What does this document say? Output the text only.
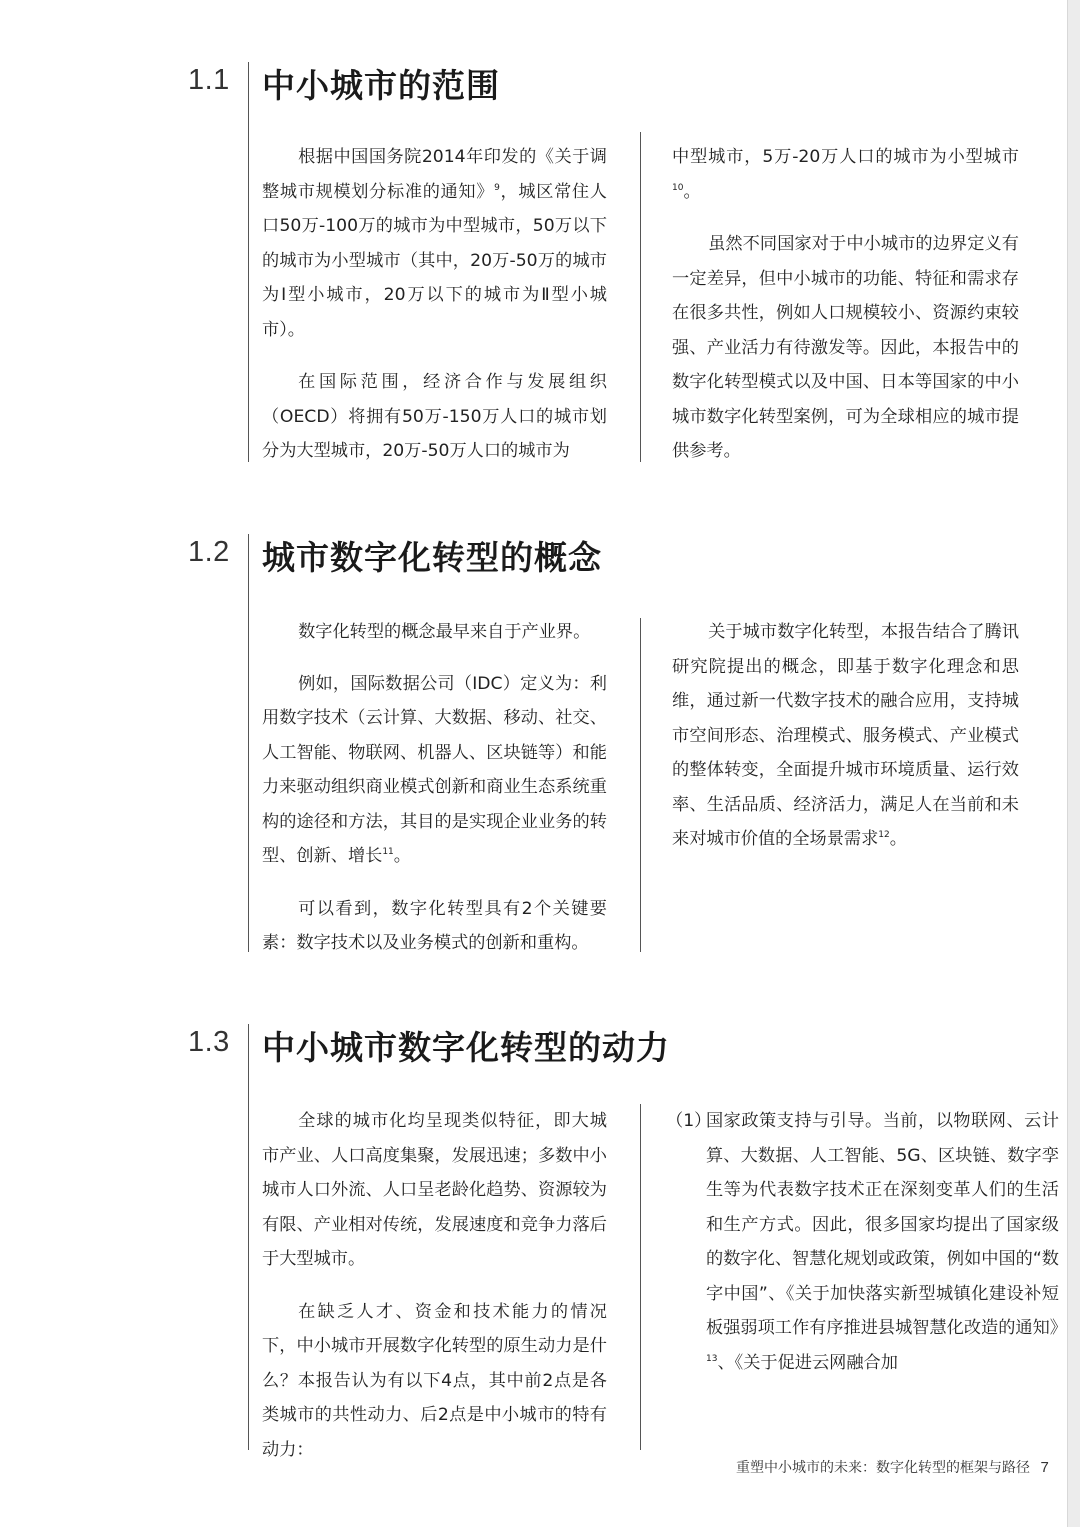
1.1 中小城市的范围

根据中国国务院2014年印发的《关于调整城市规模划分标准的通知》$^9$，城区常住人口50万-100万的城市为中型城市，50万以下的城市为小型城市（其中，20万-50万的城市为Ⅰ型小城市，20万以下的城市为Ⅱ型小城市）。

在国际范围，经济合作与发展组织（OECD）将拥有50万-150万人口的城市划分为大型城市，20万-50万人口的城市为

中型城市，5万-20万人口的城市为小型城市$^{10}$。

虽然不同国家对于中小城市的边界定义有一定差异，但中小城市的功能、特征和需求存在很多共性，例如人口规模较小、资源约束较强、产业活力有待激发等。因此，本报告中的数字化转型模式以及中国、日本等国家的中小城市数字化转型案例，可为全球相应的城市提供参考。

1.2 城市数字化转型的概念

数字化转型的概念最早来自于产业界。

例如，国际数据公司（IDC）定义为：利用数字技术（云计算、大数据、移动、社交、人工智能、物联网、机器人、区块链等）和能力来驱动组织商业模式创新和商业生态系统重构的途径和方法，其目的是实现企业业务的转型、创新、增长$^{11}$。

可以看到，数字化转型具有2个关键要素：数字技术以及业务模式的创新和重构。

关于城市数字化转型，本报告结合了腾讯研究院提出的概念，即基于数字化理念和思维，通过新一代数字技术的融合应用，支持城市空间形态、治理模式、服务模式、产业模式的整体转变，全面提升城市环境质量、运行效率、生活品质、经济活力，满足人在当前和未来对城市价值的全场景需求$^{12}$。

1.3 中小城市数字化转型的动力

全球的城市化均呈现类似特征，即大城市产业、人口高度集聚，发展迅速；多数中小城市人口外流、人口呈老龄化趋势、资源较为有限、产业相对传统，发展速度和竞争力落后于大型城市。

在缺乏人才、资金和技术能力的情况下，中小城市开展数字化转型的原生动力是什么？本报告认为有以下4点，其中前2点是各类城市的共性动力、后2点是中小城市的特有动力：

（1）

国家政策支持与引导。当前，以物联网、云计算、大数据、人工智能、5G、区块链、数字孪生等为代表数字技术正在深刻变革人们的生活和生产方式。因此，很多国家均提出了国家级的数字化、智慧化规划或政策，例如中国的“数字中国”、《关于加快落实新型城镇化建设补短板强弱项工作有序推进县城智慧化改造的通知》$^{13}$、《关于促进云网融合加

重塑中小城市的未来：数字化转型的框架与路径 7
